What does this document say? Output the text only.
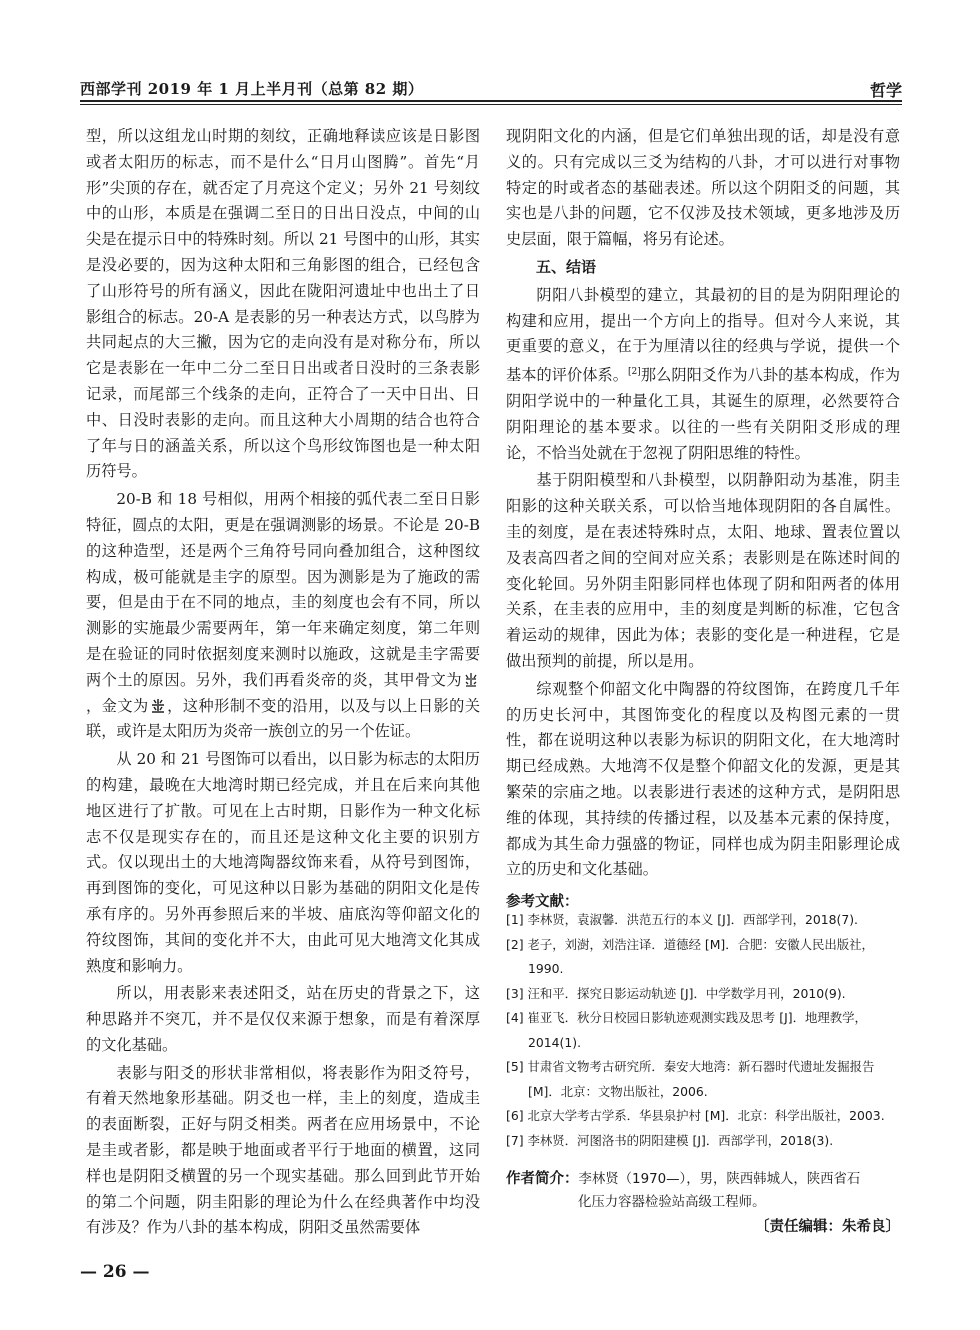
西部学刊 2019 年 1 月上半月刊（总第 82 期）	哲学

型，所以这组龙山时期的刻纹，正确地释读应该是日影图或者太阳历的标志，而不是什么“日月山图腾”。首先“月形”尖顶的存在，就否定了月亮这个定义；另外 21 号刻纹中的山形，本质是在强调二至日的日出日没点，中间的山尖是在提示日中的特殊时刻。所以 21 号图中的山形，其实是没必要的，因为这种太阳和三角影图的组合，已经包含了山形符号的所有涵义，因此在陇阳河遗址中也出土了日影组合的标志。20-A 是表影的另一种表达方式，以鸟脖为共同起点的大三撇，因为它的走向没有是对称分布，所以它是表影在一年中二分二至日日出或者日没时的三条表影记录，而尾部三个线条的走向，正符合了一天中日出、日中、日没时表影的走向。而且这种大小周期的结合也符合了年与日的涵盖关系，所以这个鸟形纹饰图也是一种太阳历符号。

20-B 和 18 号相似，用两个相接的弧代表二至日日影特征，圆点的太阳，更是在强调测影的场景。不论是 20-B 的这种造型，还是两个三角符号同向叠加组合，这种图纹构成，极可能就是圭字的原型。因为测影是为了施政的需要，但是由于在不同的地点，圭的刻度也会有不同，所以测影的实施最少需要两年，第一年来确定刻度，第二年则是在验证的同时依据刻度来测时以施政，这就是圭字需要两个土的原因。另外，我们再看炎帝的炎，其甲骨文为，金文为 ，这种形制不变的沿用，以及与以上日影的关联，或许是太阳历为炎帝一族创立的另一个佐证。

从 20 和 21 号图饰可以看出，以日影为标志的太阳历的构建，最晚在大地湾时期已经完成，并且在后来向其他地区进行了扩散。可见在上古时期，日影作为一种文化标志不仅是现实存在的，而且还是这种文化主要的识别方式。仅以现出土的大地湾陶器纹饰来看，从符号到图饰，再到图饰的变化，可见这种以日影为基础的阴阳文化是传承有序的。另外再参照后来的半坡、庙底沟等仰韶文化的符纹图饰，其间的变化并不大，由此可见大地湾文化其成熟度和影响力。

所以，用表影来表述阳爻，站在历史的背景之下，这种思路并不突兀，并不是仅仅来源于想象，而是有着深厚的文化基础。

表影与阳爻的形状非常相似，将表影作为阳爻符号，有着天然地象形基础。阴爻也一样，圭上的刻度，造成圭的表面断裂，正好与阴爻相类。两者在应用场景中，不论是圭或者影，都是映于地面或者平行于地面的横置，这同样也是阴阳爻横置的另一个现实基础。那么回到此节开始的第二个问题，阴圭阳影的理论为什么在经典著作中均没有涉及？作为八卦的基本构成，阴阳爻虽然需要体

现阴阳文化的内涵，但是它们单独出现的话，却是没有意义的。只有完成以三爻为结构的八卦，才可以进行对事物特定的时或者态的基础表述。所以这个阴阳爻的问题，其实也是八卦的问题，它不仅涉及技术领域，更多地涉及历史层面，限于篇幅，将另有论述。

五、结语

阴阳八卦模型的建立，其最初的目的是为阴阳理论的构建和应用，提出一个方向上的指导。但对今人来说，其更重要的意义，在于为厘清以往的经典与学说，提供一个基本的评价体系。[2]那么阴阳爻作为八卦的基本构成，作为阴阳学说中的一种量化工具，其诞生的原理，必然要符合阴阳理论的基本要求。以往的一些有关阴阳爻形成的理论，不恰当处就在于忽视了阴阳思维的特性。

基于阴阳模型和八卦模型，以阴静阳动为基准，阴圭阳影的这种关联关系，可以恰当地体现阴阳的各自属性。圭的刻度，是在表述特殊时点，太阳、地球、置表位置以及表高四者之间的空间对应关系；表影则是在陈述时间的变化轮回。另外阴圭阳影同样也体现了阴和阳两者的体用关系，在圭表的应用中，圭的刻度是判断的标准，它包含着运动的规律，因此为体；表影的变化是一种进程，它是做出预判的前提，所以是用。

综观整个仰韶文化中陶器的符纹图饰，在跨度几千年的历史长河中，其图饰变化的程度以及构图元素的一贯性，都在说明这种以表影为标识的阴阳文化，在大地湾时期已经成熟。大地湾不仅是整个仰韶文化的发源，更是其繁荣的宗庙之地。以表影进行表述的这种方式，是阴阳思维的体现，其持续的传播过程，以及基本元素的保持度，都成为其生命力强盛的物证，同样也成为阴圭阳影理论成立的历史和文化基础。

参考文献：
[1] 李林贤，袁淑馨．洪范五行的本义 [J]．西部学刊，2018(7).
[2] 老子，刘澍，刘浩注译．道德经 [M]．合肥：安徽人民出版社，1990.
[3] 汪和平．探究日影运动轨迹 [J]．中学数学月刊，2010(9).
[4] 崔亚飞．秋分日校园日影轨迹观测实践及思考 [J]．地理教学，2014(1).
[5] 甘肃省文物考古研究所．秦安大地湾：新石器时代遗址发掘报告 [M]．北京：文物出版社，2006.
[6] 北京大学考古学系．华县泉护村 [M]．北京：科学出版社，2003.
[7] 李林贤．河图洛书的阴阳建模 [J]．西部学刊，2018(3).
作者简介：李林贤（1970—），男，陕西韩城人，陕西省石
化压力容器检验站高级工程师。
〔责任编辑：朱希良〕
— 26 —
